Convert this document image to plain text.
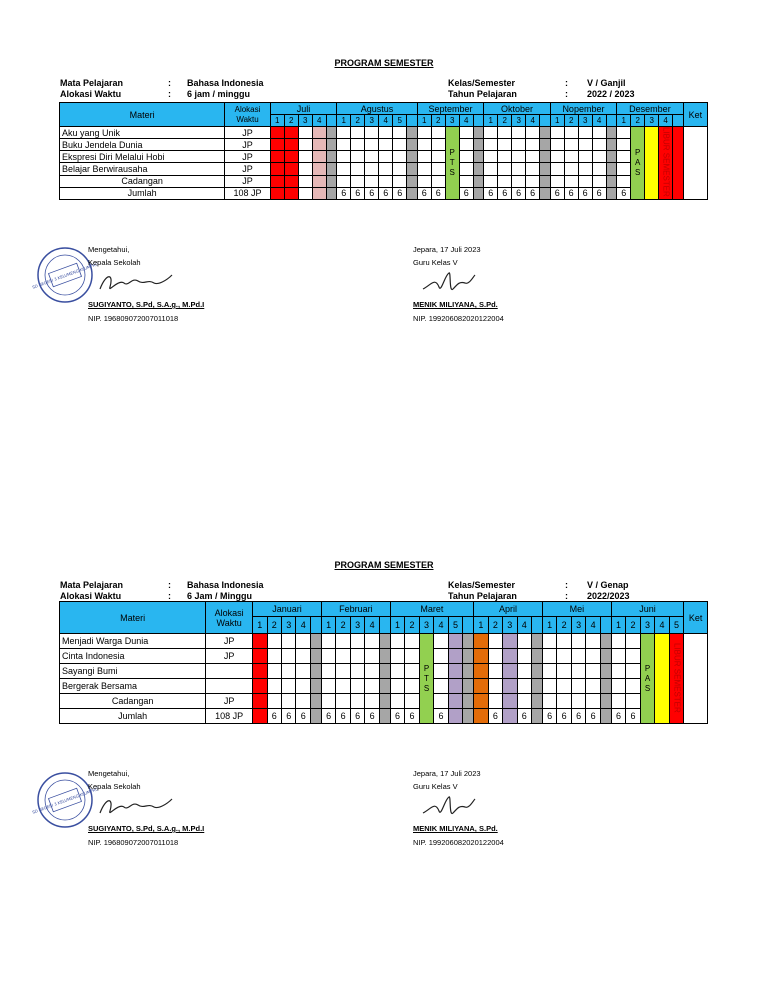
PROGRAM SEMESTER
Mata Pelajaran	: Bahasa Indonesia
Alokasi Waktu	: 6 jam / minggu
Kelas/Semester	: V / Ganjil
Tahun Pelajaran	: 2022 / 2023
Materi	Alokasi Waktu	Juli					Agustus						September					Oktober					Nopember					Desember					Ket
		1	2	3	4		1	2	3	4	5		1	2	3	4		1	2	3	4		1	2	3	4		1	2	3	4		
Aku yang Unik	JP														PTS														PAS		LIBUR SEMESTER		
Buku Jendela Dunia	JP																																
Ekspresi Diri Melalui Hobi	JP																																
Belajar Berwirausaha	JP																																
Cadangan	JP																																
Jumlah	108 JP						6	6	6	6	6		6	6		6		6	6	6	6		6	6	6	6		6					
SD NEGERI 3 KELUMENG KLUMPRO
Mengetahui,
Kepala Sekolah
SUGIYANTO, S.Pd, S.A.g., M.Pd.I
NIP. 196809072007011018
Jepara, 17 Juli 2023
Guru Kelas V
MENIK MILIYANA, S.Pd.
NIP. 199206082020122004
PROGRAM SEMESTER
Mata Pelajaran	: Bahasa Indonesia
Alokasi Waktu	: 6 Jam / Minggu
Kelas/Semester	: V / Genap
Tahun Pelajaran	: 2022/2023
Materi	Alokasi Waktu	Januari					Februari					Maret						April					Mei					Juni					Ket
		1	2	3	4		1	2	3	4		1	2	3	4	5		1	2	3	4		1	2	3	4		1	2	3	4	5	
Menjadi Warga Dunia	JP													PTS																PAS		LIBUR SEMESTER	
Cinta Indonesia	JP																																
Sayangi Bumi																																	
Bergerak Bersama																																	
Cadangan	JP																																
Jumlah	108 JP		6	6	6		6	6	6	6		6	6		6				6		6		6	6	6	6		6	6				
SD NEGERI 3 KELUMENG KLUMPRO
Mengetahui,
Kepala Sekolah
SUGIYANTO, S.Pd, S.A.g., M.Pd.I
NIP. 196809072007011018
Jepara, 17 Juli 2023
Guru Kelas V
MENIK MILIYANA, S.Pd.
NIP. 199206082020122004
